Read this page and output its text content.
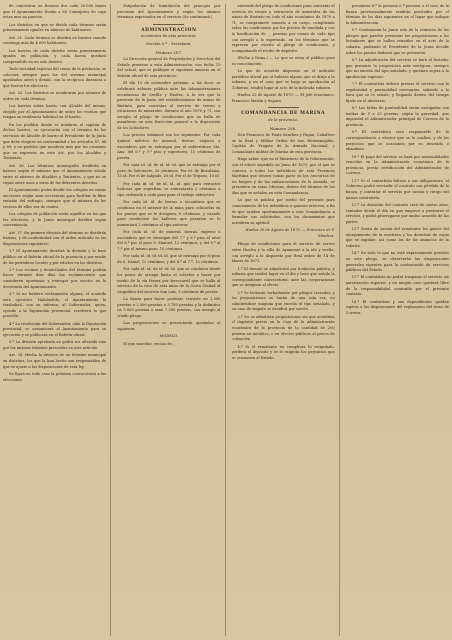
de concentrar en Rosario dos coda 20.000 hanes que el Ayuntamiento Dueño a 60 Consejeros de cuya votos mes no parecio.

Los distritos en que se divida cada término serán primeramente iguales en número de habitantes.

Art. 31. Cada término se dividirá en barrios cuando contenga más de 4.000 habitantes.

Los barrios de cada distrito serán primeramente iguales en población, y cada barrio quedará comprendido en un solo distrito.

Todo vecindad especial del censo de la población, se colocará siempre para los del sistema municipal aprobados antes y demás, con la recíproca distancia a que fueron los electores.

Art. 33. Los distritos se nombrarán por número de orden en cada término.

Los barrios sobre barrio con Alcalde del mismo, elegido por el Ayuntamiento de entre los vecinos que tengan su residencia habitual en el barrio.

En los pueblos donde se nombren el capitán de dichos barrios, se ejecutarán con el término de los servicios de Alcalde de barrio el Presidente de la Junta que debe elegirse en conformidad a los artículos 87, 88 y 89; y en pueblos que nombren más por los crímenes que se expresen en este Art. por los Alcaldes y Tenientes.

Art. 36. Los términos municipales dividirán en barrios según el número que el Ayuntamiento señale entre el número de Alcaldes y Tenientes, y que no se vayan entre unos a otros de los diferentes distritos.

El Ayuntamiento podrá dividir los colegios en varias secciones según sean necesarias para facilitar la libre emisión del sufragio, siempre que el número de los vecinos de ellos sea de cuatro.

Los colegios de población serán aquellos en los que los electores, y la Junta municipal dividirá según conveniencia.

Art. 37. En primera división del término se dividirán barrios, y de conformidad con el orden indicado en las disposiciones siguientes:

1.º El Ayuntamiento decidirá la división y lo hará público en el Boletín oficial de la provincia y por medio de los periódicos locales y por edictos en los distritos.

2.º Los vecinos y domiciliados del término podrán hacer durante diez días las reclamaciones que consideren oportunas y entregar por escrito en la Secretaría del Ayuntamiento.

3.º Si no hubiere reclamación alguna, el acuerdo será ejecutivo. Habiéndola, el Ayuntamiento la trasladará, con su informe, al Gobernador, quien, oyendo a la Diputación provincial, resolverá lo que proceda.

4.º La resolución del Gobernador, oída la Diputación provincial, se comunicará al Ayuntamiento para su ejecución y se publicará en el Boletín oficial.

5.º La división aprobada no podrá ser alterada sino por los mismos trámites prescritos en este artículo.

Art. 38. Hecha la división de un término municipal en distritos, los que la han hecho son responsables de que se ajuste a las disposiciones de esta ley.

Se fijará en todo caso la próxima convocatoria a las elecciones.

Estipulación de tramitación del principio por precisión del Ayuntamiento y según los mismos términos expresados en el servicio (Se continuará.)

ADMINISTRACION

económica de esta provincia.

Sección 5.ª – Secretaría.

Número 257.

La Dirección general de Propiedades y Derechos del Estado previene a esta Administración, con fecha 15 del actual, que se publique el siguiente anuncio en el Boletín oficial de esta provincia:

El día 15 de noviembre próximo, a las doce, se celebrará subasta pública ante las Administraciones económicas de Sevilla y Huelva, a la vez que la presente de la Junta del establecimiento de minas de Riotinto, para contratar el servicio de trenes y estaciones de minerales, durante el año 1870 y 71, con arreglo al pliego de condiciones que se halla de manifiesto en esta Dirección general a la disposición de los licitadores.

Los precios máximos son los siguientes: Por cada quintal métrico de mineral, tierras, viajeros y escombros que se extraigan por el subterráneo Sta. Ana, del 6.º y 7.º piso y superiores, 15 céntimos de peseta.

Por cada id. id. de id. id. id. que se extraiga por el pozo de Saboraste, 20 céntimos. Por id. de Brasiliana, 15 id. Por el de Salgado, 20 id. Por el de Trajano, 10 id.

Por cada id. id. de id. id. id. que para extractos halíceas que superfina, se aumentarán 2 céntimos a tipo ordenado a cada pozo para el trabajo extractivo.

Por cada id. id. de tierras o escombros que se conduzca en el interior de la mina para colocarlas en los puntos que se le designen, 6 céntimos, y cuando para conducirse los hulleros que pesarían se le aumentará 2 céntimos al tipo anterior.

Por cada id. id. de mineral, tierras, viajeros o escombros que se extraigan del 7.º y 8.º piso al nivel del 6.º por el pozo S. Manuel, 12 céntimos, y del 8.º al 7.º por el mismo pozo, 10 céntimos.

Por cada id. id. id. id. id. que se extraiga por el pozo de S. Daniel, 12 céntimos, y del 8.º al 7.º, 12 céntimos.

Por cada id. id. de id. id. id. que se conduzca desde los pozos de arriaga hasta el colector a hacer por medio de la vía férrea por ferrocarril que se halla al servicio de la ruta de esta mina de la Corta Ciudad al cargadero del socavón San Luis, 5 céntimos de peseta.

La fianza para hacer posturas consiste en 1.500 pesetas o 2.500 pesetas a 3.750 pesetas y la definitiva en 5.000 pesetas o sean 7.500 pesetas, con arreglo al citado pliego.

Las proposiciones se presentarán ajustadas al siguiente:

MODELO.

El que suscribe, vecino de...

enterado del pliego de condiciones para contratar el servicio de trenes y extracción de minerales de las minas de Riotinto en todo el año económico de 1870 a 71, se compromete tomarlo a su cargo, cumpliendo todas las condiciones por los precios de tonelada y con la bonificación de __ pesetas por ciento de cada tipo con arreglo a lo expresado, en los términos que se expresen por escrito al pliego de condiciones, y acompañando el recibo de depósito.

(Fecha y firma.) — Lo que se avisa al público para su conocimiento.

Lo que de acuerdo dispuesto en el indicado periódico oficial por si hubiera alguno que se dirija a la subasta, y en el caso que se haga su aprobación al Gobierno, tendrá lugar al acto de la indicada subasta.

Huelva 25 de Agosto de 1870. — El Jefe económico, Francisco Martín y Segura.

COMANDANCIA DE MARINA

de la provincia.

Número 258.

Don Francisco de Paula Sánchez y Pagan, Caballero de la Real y Militar Orden de San Hermenegildo, Capitán de Fragata de la Armada Nacional, y Comandante militar de Marina de esta provincia.

Hago saber: que en el Ministerio de la Gobernación, con el edicto expedido en Junio de 1870, por el que se convoca a todos los individuos de esta Provincia Marítima que deseen tomar parte en los concursos de los buques y de las embarcaciones de la Armada, se presenten en estas Oficinas, dentro del término de los días que se señalen en esta Comandancia.

Lo que se publica por medio del presente para conocimiento de los individuos a quienes interese, a fin de que acudan oportunamente a esta Comandancia a formular sus solicitudes, con los documentos que acrediten su aptitud.

Huelva 30 de Agosto de 1870. — Francisco de P. Sánchez.

Pliego de condiciones para el servicio de correo entre Huelva y la villa de Ayamonte a la ida y vuelta, con arreglo a lo dispuesto por Real orden de 14 de Marzo de 1871.

1.º El remate se adjudicará por licitación pública, y subasta que tendrá lugar en el día y hora que señale la correspondiente convocatoria, ante las corporaciones que se designen al efecto.

2.º Se licitarán verbalmente por pliegos cerrados, y las proposiciones se harán de una sola vez, no admitiéndose ninguna que exceda el tipo señalado, y en caso de empate se decidirá por suerte.

3.º No se admitirán proposiciones sin que acrediten el depósito previo en la Caja de la Administración económica de la provincia de la cantidad de 200 pesetas en metálico, o en efectos públicos al precio de cotización.

4.º Si el rematante no cumpliera lo estipulado, perderá el depósito y se le exigirán los perjuicios que se ocasionen al Estado.

personero 4.º la persona 6.ª persona o el caso de la fianza provisionalmente tendrán prestados por el término de los días siguientes en el lugar que indique la Administración.

5.º Continuarán la Junta sola de la remisión de los pliegos que pueden presentar las proposiciones a los licitadores que se hallen reunidos en el acto de la subasta, pudiendo el Presidente de la Junta decidir sobre los puntos dudosos que se presenten.

6.º La adjudicación del servicio se hará al licitador que presente la proposición más ventajosa, siempre que no exceda del tipo señalado, y quedará sujeta a la aprobación superior.

7.º El contratista deberá prestar el servicio con la regularidad y puntualidad necesarias, saliendo a la hora que se le señale, y llegando dentro del tiempo fijado en el itinerario.

8.º Las faltas de puntualidad serán castigadas con multas de 5 a 25 pesetas, según la gravedad, que impondrá el Administrador principal de Correos de la provincia.

9.º El contratista será responsable de la correspondencia y efectos que se le confíen, y de los perjuicios que se ocasionen por su descuido o abandono.

10.º El pago del servicio se hará por mensualidades vencidas en la Administración económica de la provincia, previa certificación del Administrador de Correos.

11.º Si el contratista faltase a sus obligaciones, el Gobierno podrá rescindir el contrato con pérdida de la fianza, y contratar el servicio por cuenta y riesgo del mismo contratista.

12.º La duración del contrato será de cuatro años, contados desde el día en que empiece a prestarse el servicio, y podrá prorrogarse por mutuo acuerdo de las partes.

13.º Serán de cuenta del rematante los gastos del otorgamiento de la escritura y los derechos de copia que se expidan, así como los de los anuncios de la subasta.

14.º En todo lo que no esté expresamente previsto en este pliego, se observarán las disposiciones generales vigentes para la contratación de servicios públicos del Estado.

15.º El contratista no podrá traspasar el servicio sin autorización superior, y en ningún caso quedará libre de la responsabilidad contraída por el presente contrato.

16.º El contratista y sus dependientes quedan sujetos a las disposiciones del reglamento del ramo de Correos.
